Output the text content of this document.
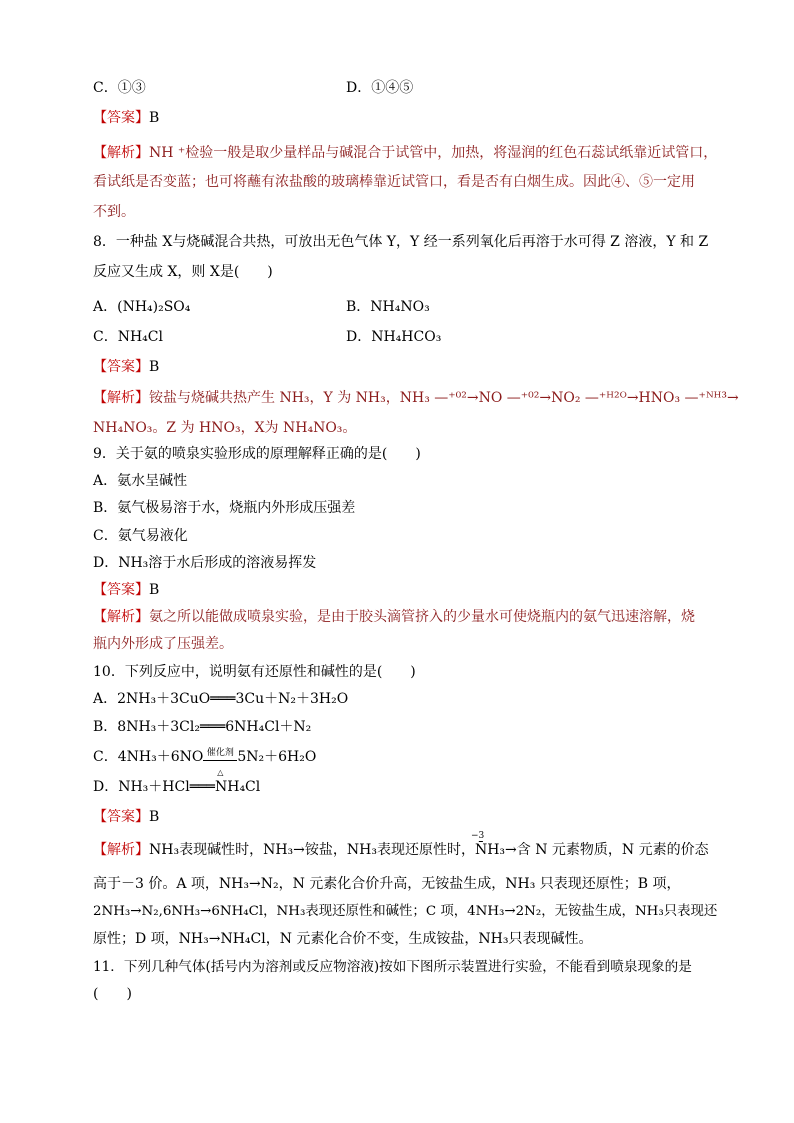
C．①③	D．①④⑤
【答案】B
【解析】NH ⁺检验一般是取少量样品与碱混合于试管中，加热，将湿润的红色石蕊试纸靠近试管口，
看试纸是否变蓝；也可将蘸有浓盐酸的玻璃棒靠近试管口，看是否有白烟生成。因此④、⑤一定用
不到。
8．一种盐 X与烧碱混合共热，可放出无色气体 Y，Y 经一系列氧化后再溶于水可得 Z 溶液，Y 和 Z
反应又生成 X，则 X是(　　)
A．(NH₄)₂SO₄	B．NH₄NO₃
C．NH₄Cl	D．NH₄HCO₃
【答案】B
【解析】铵盐与烧碱共热产生 NH₃，Y 为 NH₃，NH₃ —⁺⁰²→NO —⁺⁰²→NO₂ —⁺ᴴ²ᴼ→HNO₃ —⁺ᴺᴴ³→
NH₄NO₃。Z 为 HNO₃，X为 NH₄NO₃。
9．关于氨的喷泉实验形成的原理解释正确的是(　　)
A．氨水呈碱性
B．氨气极易溶于水，烧瓶内外形成压强差
C．氨气易液化
D．NH₃溶于水后形成的溶液易挥发
【答案】B
【解析】氨之所以能做成喷泉实验，是由于胶头滴管挤入的少量水可使烧瓶内的氨气迅速溶解，烧
瓶内外形成了压强差。
10．下列反应中，说明氨有还原性和碱性的是(　　)
A．2NH₃＋3CuO═══3Cu＋N₂＋3H₂O
B．8NH₃＋3Cl₂═══6NH₄Cl＋N₂
C．$4NH_3+6NO \frac{\text{催化剂}}{\triangle} 5N_2+6H_2O$
D．NH₃＋HCl═══NH₄Cl
【答案】B
【解析】NH₃表现碱性时，NH₃→铵盐，NH₃表现还原性时，N̄H₃→含 N 元素物质，N 元素的价态
−3
高于－3 价。A 项，NH₃→N₂，N 元素化合价升高，无铵盐生成，NH₃ 只表现还原性；B 项，
2NH₃→N₂,6NH₃→6NH₄Cl，NH₃表现还原性和碱性；C 项，4NH₃→2N₂，无铵盐生成，NH₃只表现还
原性；D 项，NH₃→NH₄Cl，N 元素化合价不变，生成铵盐，NH₃只表现碱性。
11．下列几种气体(括号内为溶剂或反应物溶液)按如下图所示装置进行实验，不能看到喷泉现象的是
(　　)
